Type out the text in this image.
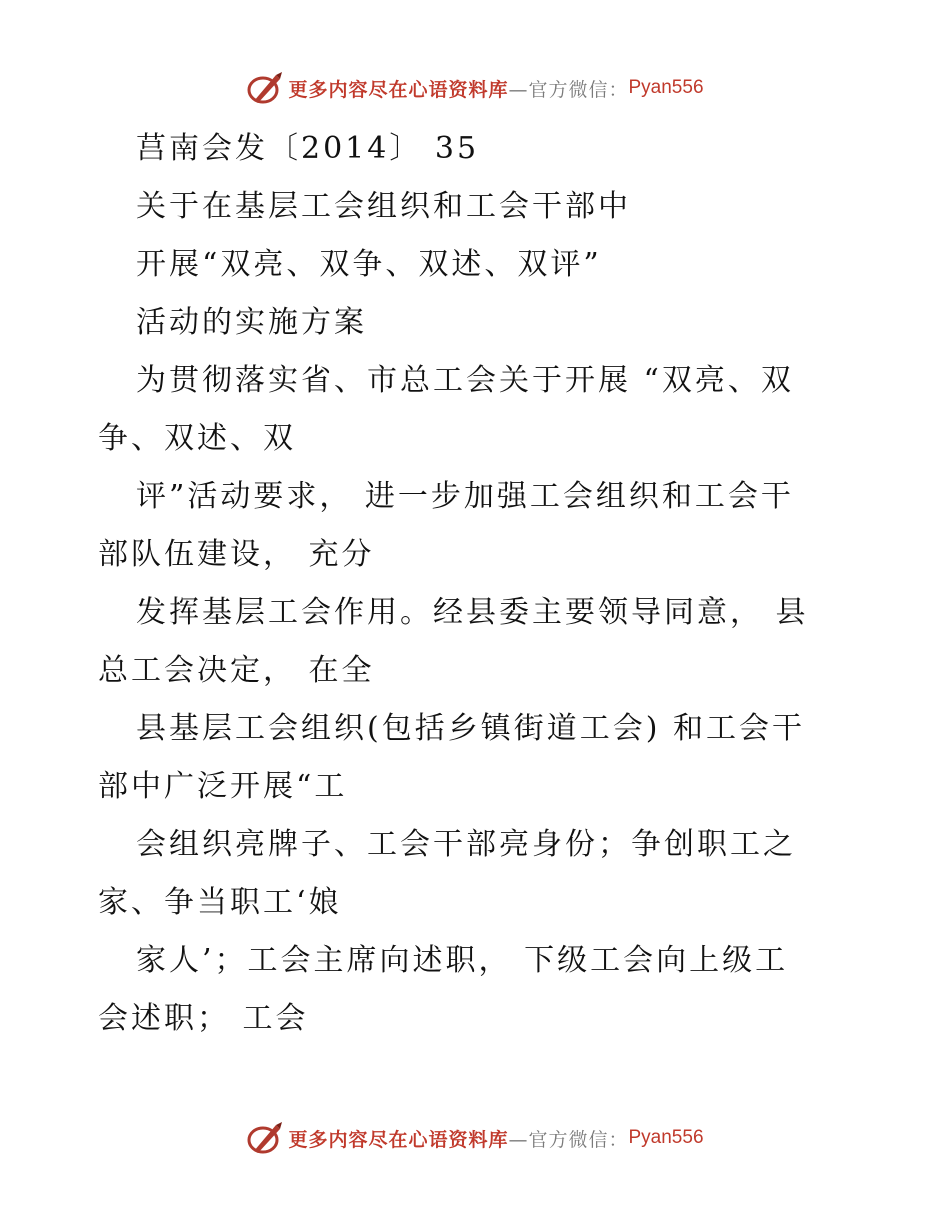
更多内容尽在心语资料库 —官方微信： Pyan556
莒南会发〔2014〕 35
关于在基层工会组织和工会干部中
开展“双亮、双争、双述、双评”
活动的实施方案
为贯彻落实省、市总工会关于开展 “双亮、双
争、双述、双
评”活动要求， 进一步加强工会组织和工会干
部队伍建设， 充分
发挥基层工会作用。经县委主要领导同意， 县
总工会决定， 在全
县基层工会组织(包括乡镇街道工会) 和工会干
部中广泛开展“工
会组织亮牌子、工会干部亮身份；争创职工之
家、争当职工‘娘
家人’；工会主席向述职， 下级工会向上级工
会述职； 工会
更多内容尽在心语资料库 —官方微信： Pyan556
